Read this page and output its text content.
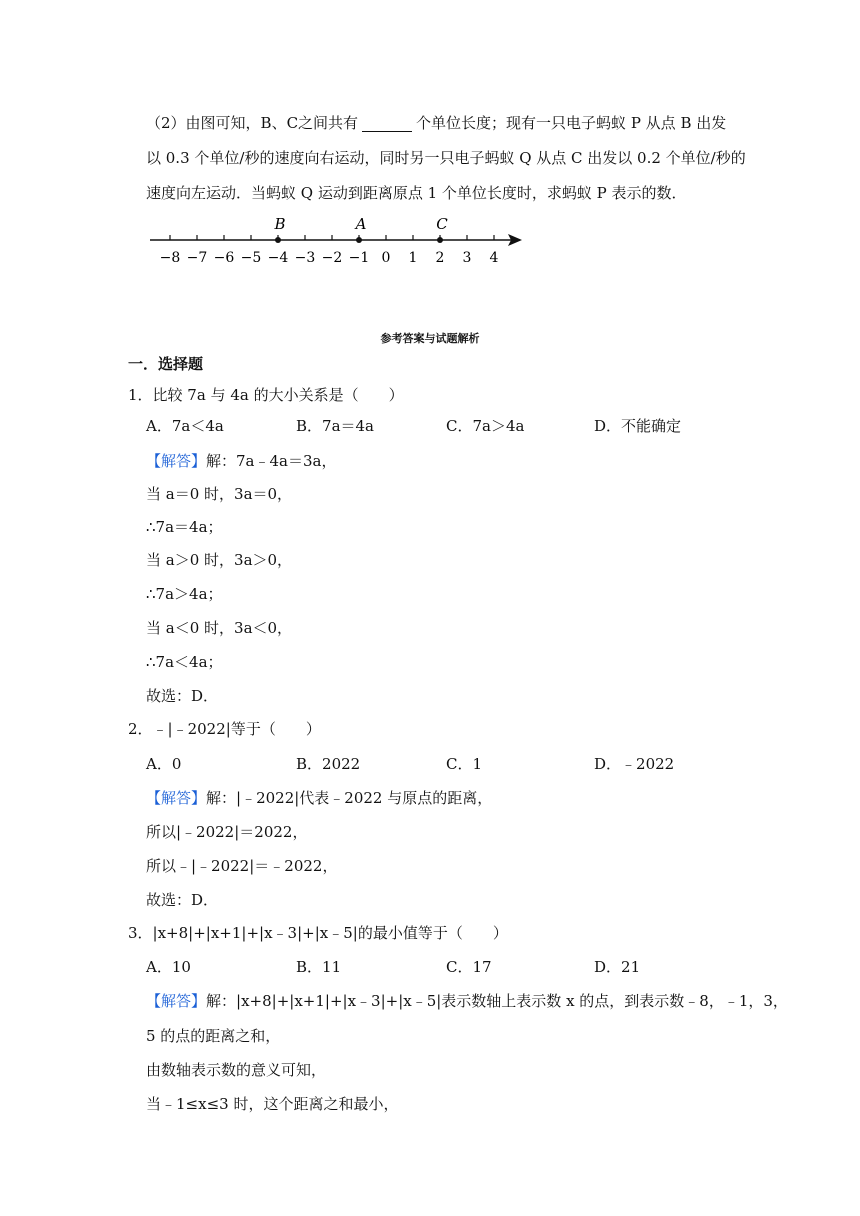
（2）由图可知，B、C之间共有	个单位长度；现有一只电子蚂蚁 P 从点 B 出发
以 0.3 个单位/秒的速度向右运动，同时另一只电子蚂蚁 Q 从点 C 出发以 0.2 个单位/秒的
速度向左运动．当蚂蚁 Q 运动到距离原点 1 个单位长度时，求蚂蚁 P 表示的数．
−8 −7 −6 −5 −4 −3 −2 −1 0 1 2 3 4
B	A	C
参考答案与试题解析
一．选择题
1．比较 7a 与 4a 的大小关系是（　　）
A．7a＜4a	B．7a＝4a	C．7a＞4a	D．不能确定
【解答】解：7a﹣4a＝3a，
当 a＝0 时，3a＝0，
∴7a＝4a；
当 a＞0 时，3a＞0，
∴7a＞4a；
当 a＜0 时，3a＜0，
∴7a＜4a；
故选：D．
2．﹣|﹣2022|等于（　　）
A．0	B．2022	C．1	D．﹣2022
【解答】解：|﹣2022|代表﹣2022 与原点的距离，
所以|﹣2022|＝2022，
所以﹣|﹣2022|＝﹣2022，
故选：D．
3．|x+8|+|x+1|+|x﹣3|+|x﹣5|的最小值等于（　　）
A．10	B．11	C．17	D．21
【解答】解：|x+8|+|x+1|+|x﹣3|+|x﹣5|表示数轴上表示数 x 的点，到表示数﹣8，﹣1，3，
5 的点的距离之和，
由数轴表示数的意义可知，
当﹣1≤x≤3 时，这个距离之和最小，
